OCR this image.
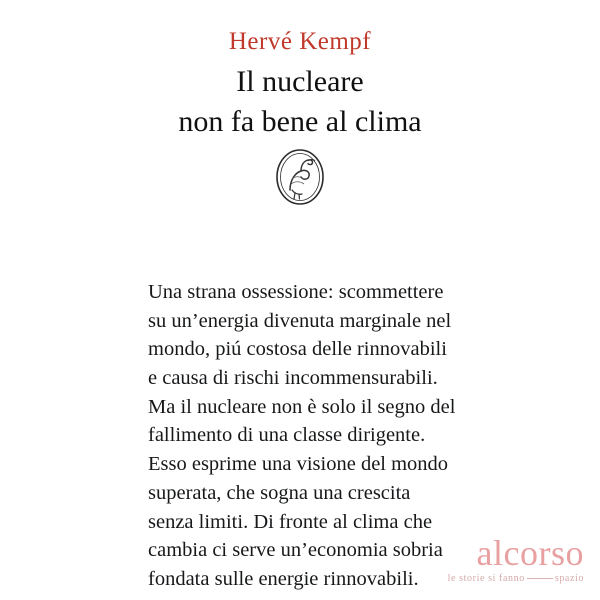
Hervé Kempf
Il nucleare
non fa bene al clima
Una strana ossessione: scommettere su un’energia divenuta marginale nel mondo, piú costosa delle rinnovabili e causa di rischi incommensurabili. Ma il nucleare non è solo il segno del fallimento di una classe dirigente. Esso esprime una visione del mondo superata, che sogna una crescita senza limiti. Di fronte al clima che cambia ci serve un’economia sobria fondata sulle energie rinnovabili.
alcorso
le storie si fanno	spazio
